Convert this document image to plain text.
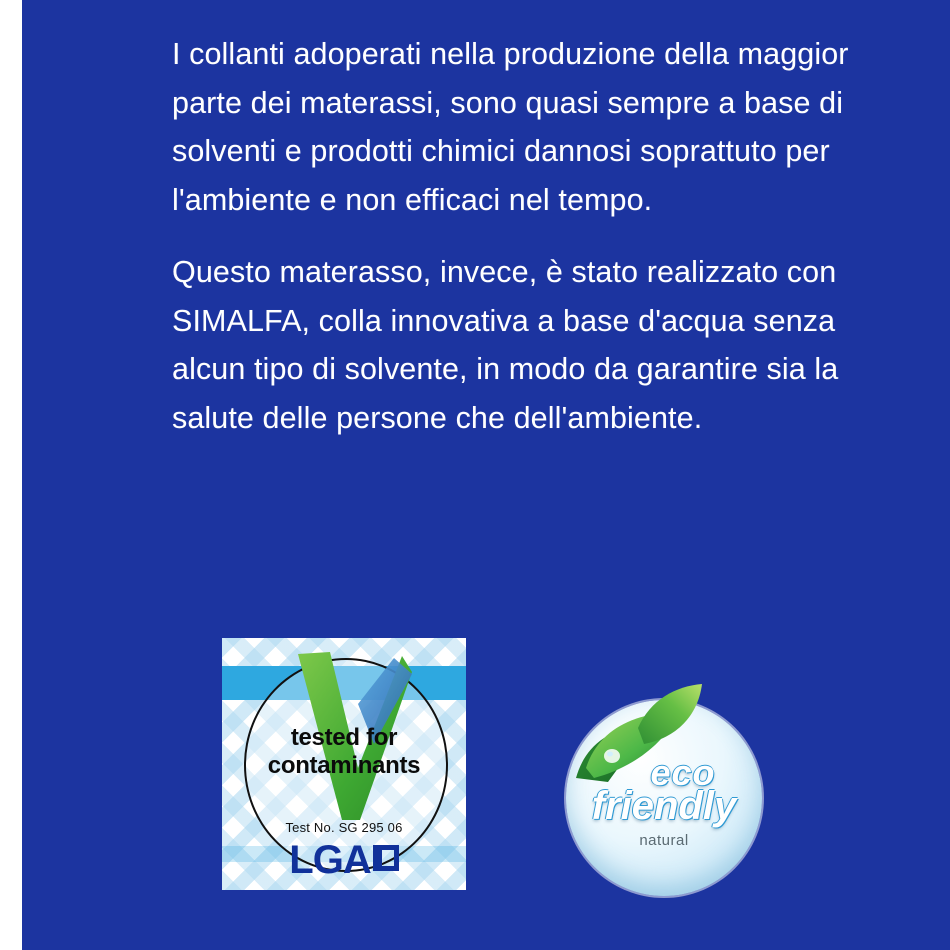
I collanti adoperati nella produzione della maggior parte dei materassi, sono quasi sempre a base di solventi e prodotti chimici dannosi soprattuto per l'ambiente e non efficaci nel tempo.

Questo materasso, invece, è stato realizzato con SIMALFA, colla innovativa a base d'acqua senza alcun tipo di solvente, in modo da garantire sia la salute delle persone che dell'ambiente.

tested for
contaminants
Test No. SG 295 06
LGA
eco
friendly
natural
